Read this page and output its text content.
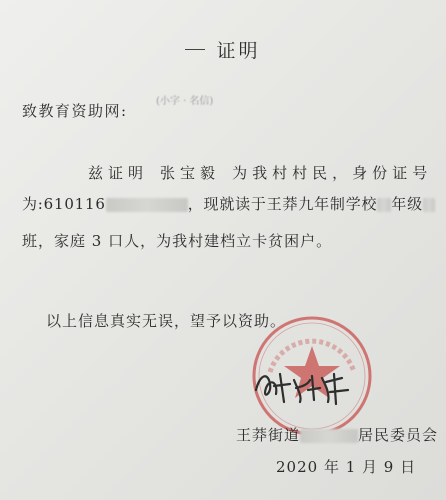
证明
致教育资助网:
(小字 · 名信)
兹证明 张宝毅 为我村村民，身份证号
为:610116	，现就读于王莽九年制学校 年级
班，家庭 3 口人，为我村建档立卡贫困户。
以上信息真实无误，望予以资助。
王莽街道	居民委员会
2020 年 1 月 9 日
